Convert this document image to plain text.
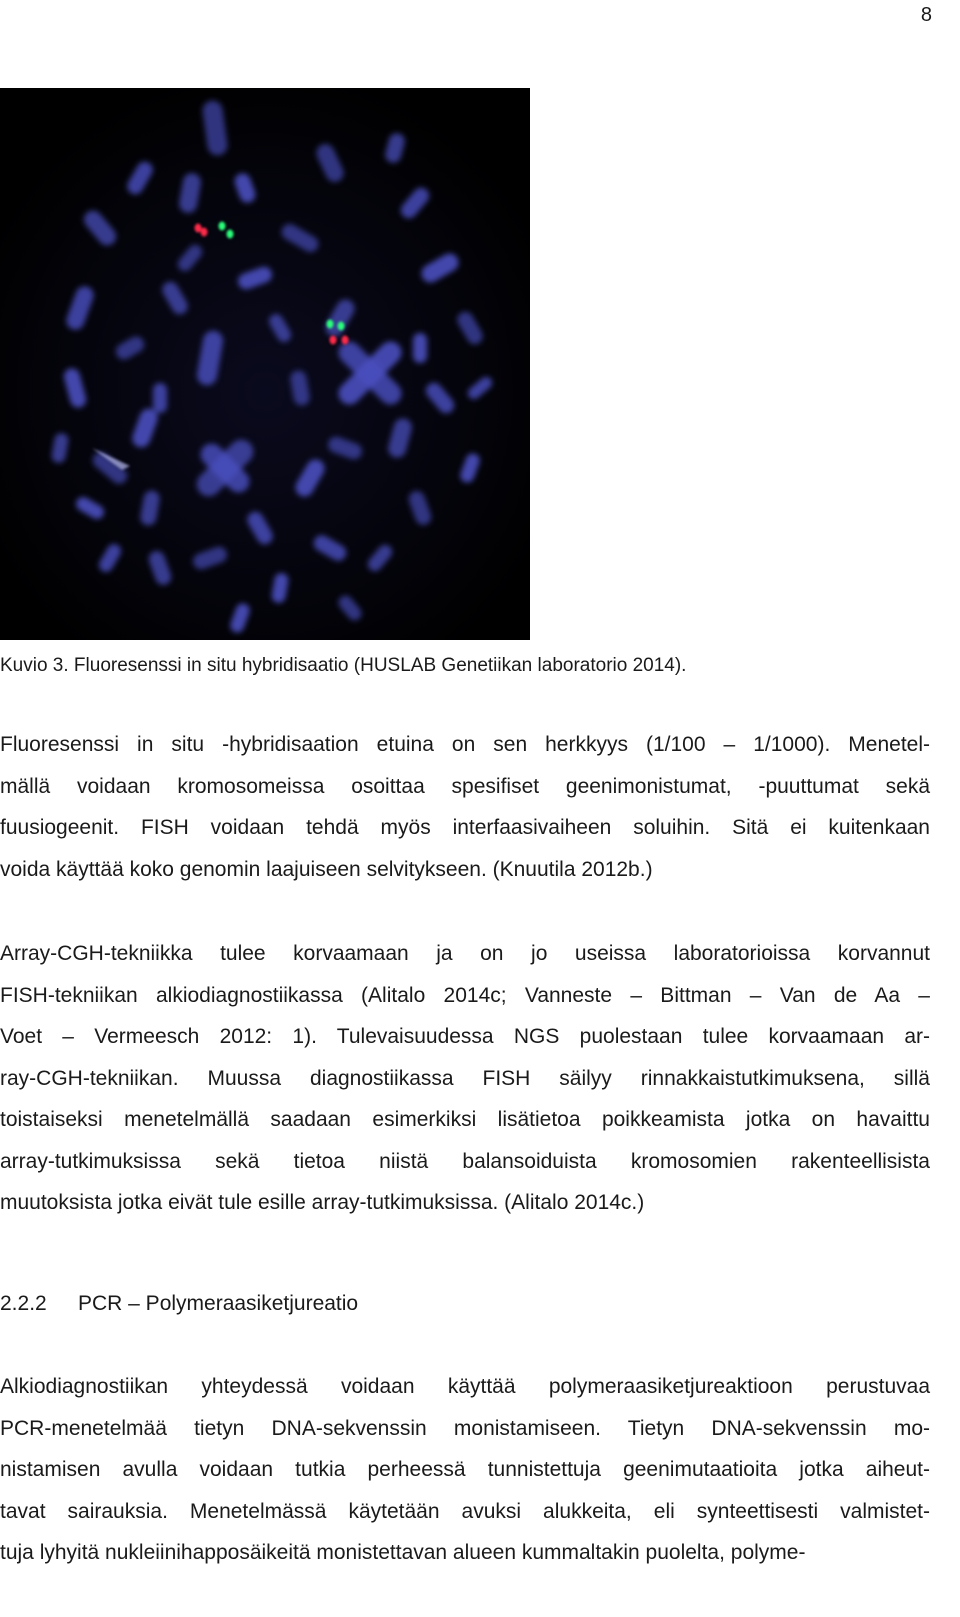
8
Kuvio 3. Fluoresenssi in situ hybridisaatio (HUSLAB Genetiikan laboratorio 2014).
Fluoresenssi in situ -hybridisaation etuina on sen herkkyys (1/100 – 1/1000). Menetel-
mällä voidaan kromosomeissa osoittaa spesifiset geenimonistumat, -puuttumat sekä
fuusiogeenit. FISH voidaan tehdä myös interfaasivaiheen soluihin. Sitä ei kuitenkaan
voida käyttää koko genomin laajuiseen selvitykseen. (Knuutila 2012b.)
Array-CGH-tekniikka tulee korvaamaan ja on jo useissa laboratorioissa korvannut
FISH-tekniikan alkiodiagnostiikassa (Alitalo 2014c; Vanneste – Bittman – Van de Aa –
Voet – Vermeesch 2012: 1). Tulevaisuudessa NGS puolestaan tulee korvaamaan ar-
ray-CGH-tekniikan. Muussa diagnostiikassa FISH säilyy rinnakkaistutkimuksena, sillä
toistaiseksi menetelmällä saadaan esimerkiksi lisätietoa poikkeamista jotka on havaittu
array-tutkimuksissa sekä tietoa niistä balansoiduista kromosomien rakenteellisista
muutoksista jotka eivät tule esille array-tutkimuksissa. (Alitalo 2014c.)
2.2.2 PCR – Polymeraasiketjureatio
Alkiodiagnostiikan yhteydessä voidaan käyttää polymeraasiketjureaktioon perustuvaa
PCR-menetelmää tietyn DNA-sekvenssin monistamiseen. Tietyn DNA-sekvenssin mo-
nistamisen avulla voidaan tutkia perheessä tunnistettuja geenimutaatioita jotka aiheut-
tavat sairauksia. Menetelmässä käytetään avuksi alukkeita, eli synteettisesti valmistet-
tuja lyhyitä nukleiinihapposäikeitä monistettavan alueen kummaltakin puolelta, polyme-
